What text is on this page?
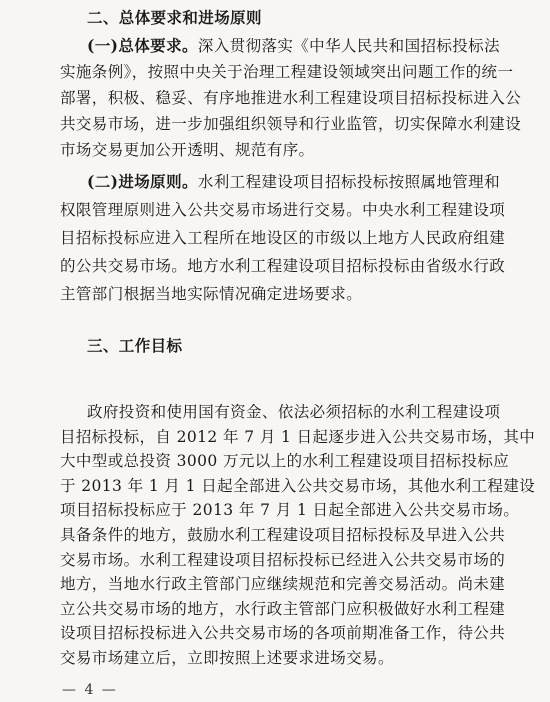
二、总体要求和进场原则
(一)总体要求。深入贯彻落实《中华人民共和国招标投标法
实施条例》，按照中央关于治理工程建设领域突出问题工作的统一
部署，积极、稳妥、有序地推进水利工程建设项目招标投标进入公
共交易市场，进一步加强组织领导和行业监管，切实保障水利建设
市场交易更加公开透明、规范有序。
(二)进场原则。水利工程建设项目招标投标按照属地管理和
权限管理原则进入公共交易市场进行交易。中央水利工程建设项
目招标投标应进入工程所在地设区的市级以上地方人民政府组建
的公共交易市场。地方水利工程建设项目招标投标由省级水行政
主管部门根据当地实际情况确定进场要求。
三、工作目标
— 4 —
政府投资和使用国有资金、依法必须招标的水利工程建设项
目招标投标，自 2012 年 7 月 1 日起逐步进入公共交易市场，其中
大中型或总投资 3000 万元以上的水利工程建设项目招标投标应
于 2013 年 1 月 1 日起全部进入公共交易市场，其他水利工程建设
项目招标投标应于 2013 年 7 月 1 日起全部进入公共交易市场。
具备条件的地方，鼓励水利工程建设项目招标投标及早进入公共
交易市场。水利工程建设项目招标投标已经进入公共交易市场的
地方，当地水行政主管部门应继续规范和完善交易活动。尚未建
立公共交易市场的地方，水行政主管部门应积极做好水利工程建
设项目招标投标进入公共交易市场的各项前期准备工作，待公共
交易市场建立后，立即按照上述要求进场交易。
